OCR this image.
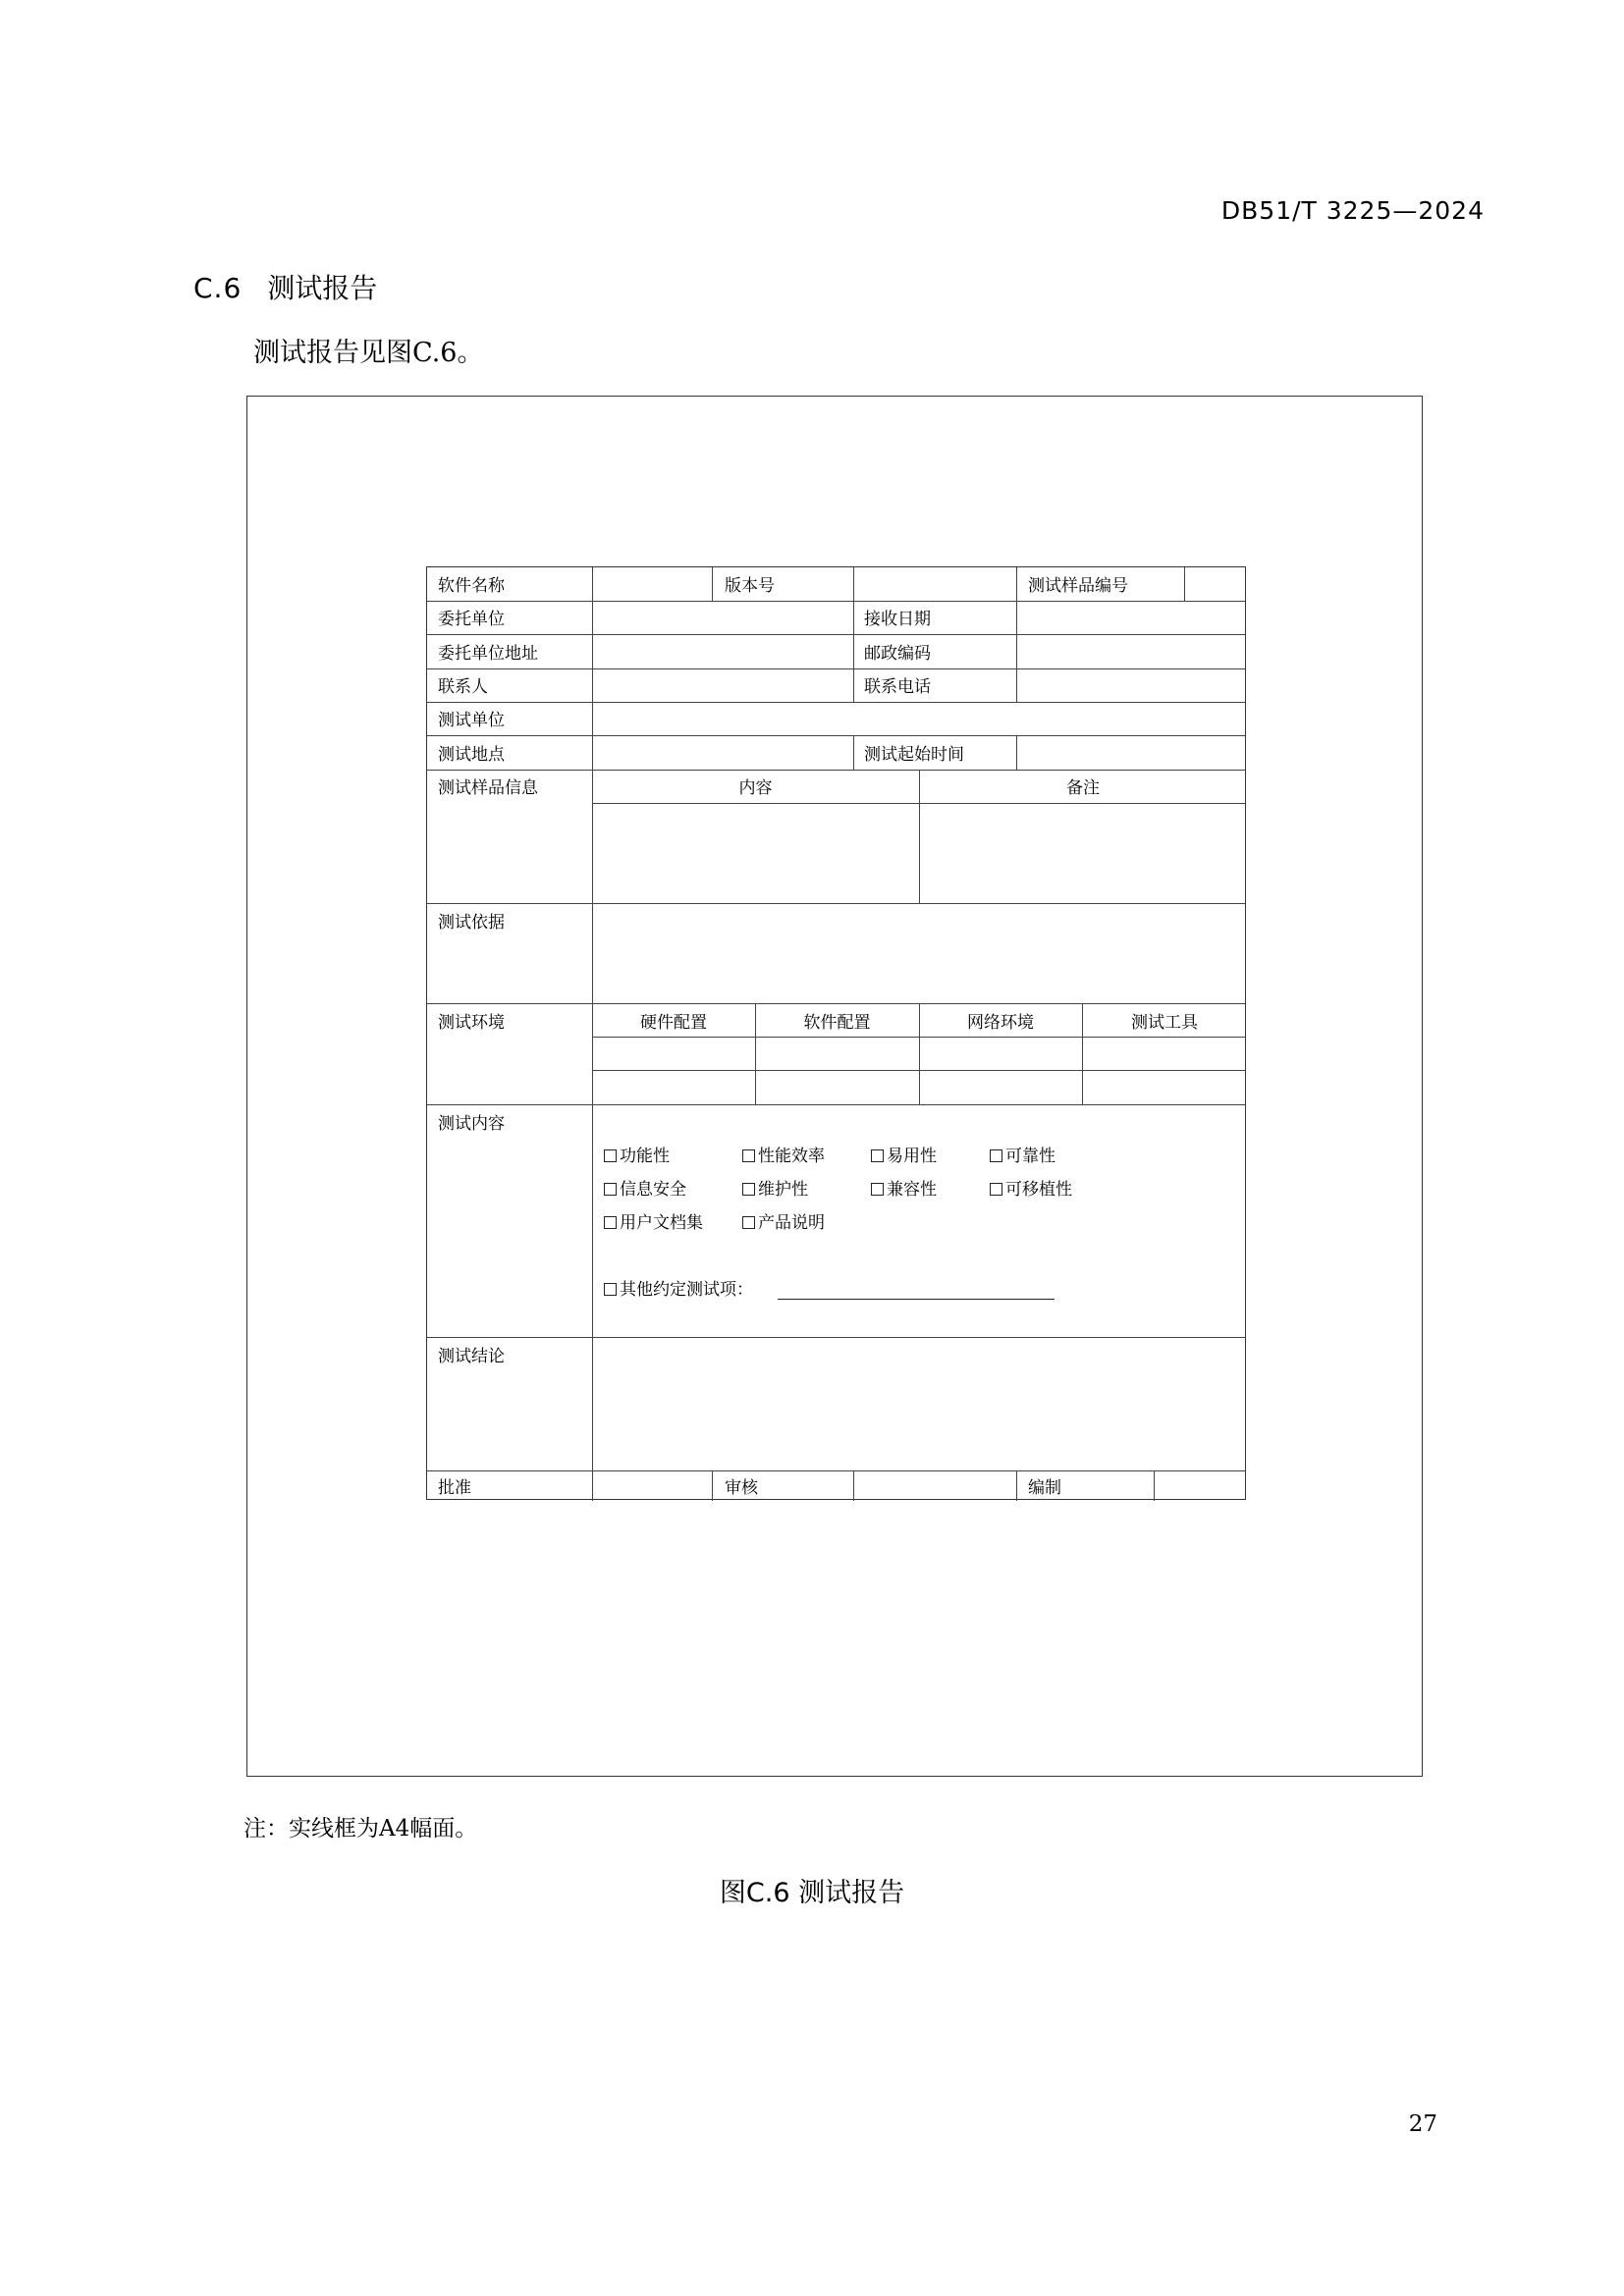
DB51/T 3225—2024
C.6 测试报告
测试报告见图C.6。
软件名称	版本号	测试样品编号
委托单位	接收日期
委托单位地址	邮政编码
联系人	联系电话
测试单位
测试地点	测试起始时间
测试样品信息	内容	备注
测试依据
测试环境	硬件配置	软件配置	网络环境	测试工具
测试内容
功能性	性能效率	易用性	可靠性
信息安全	维护性	兼容性	可移植性
用户文档集	产品说明
其他约定测试项：
测试结论
批准	审核	编制
注：实线框为A4幅面。
图C.6 测试报告
27
